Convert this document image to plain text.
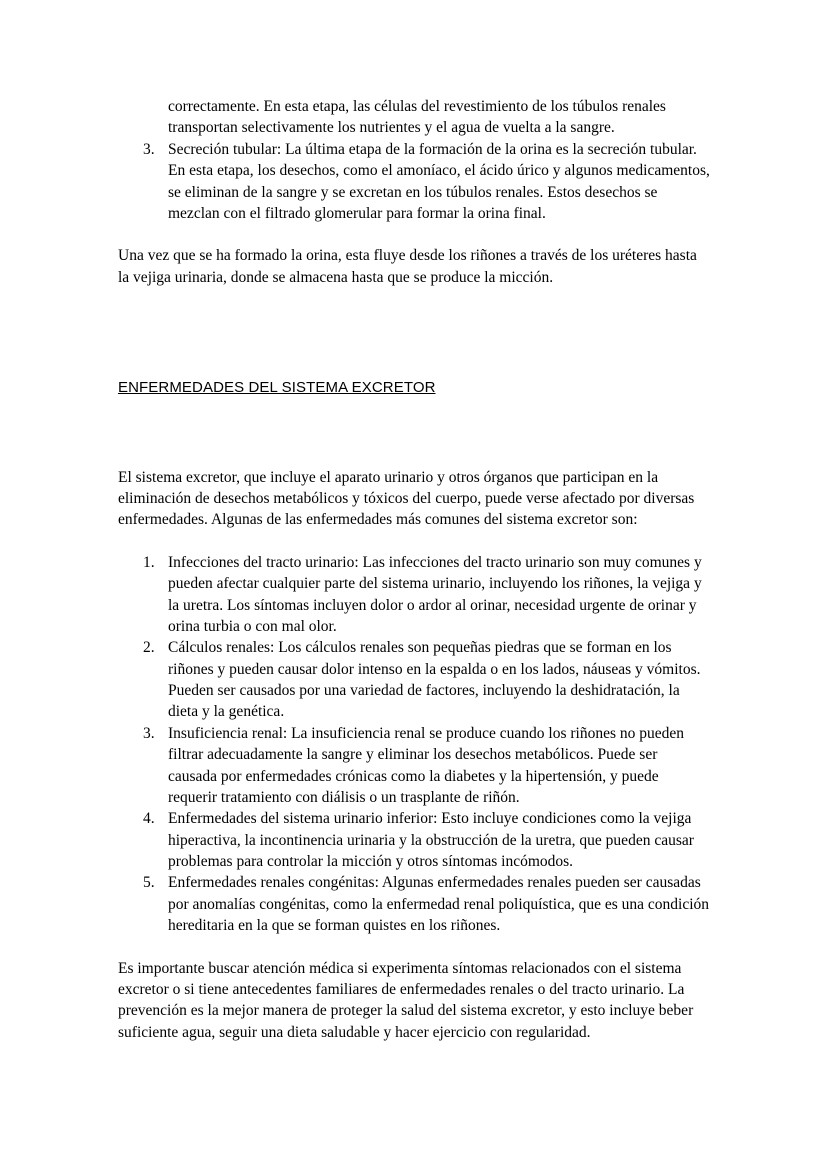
correctamente. En esta etapa, las células del revestimiento de los túbulos renales transportan selectivamente los nutrientes y el agua de vuelta a la sangre.

3. Secreción tubular: La última etapa de la formación de la orina es la secreción tubular. En esta etapa, los desechos, como el amoníaco, el ácido úrico y algunos medicamentos, se eliminan de la sangre y se excretan en los túbulos renales. Estos desechos se mezclan con el filtrado glomerular para formar la orina final.

Una vez que se ha formado la orina, esta fluye desde los riñones a través de los uréteres hasta la vejiga urinaria, donde se almacena hasta que se produce la micción.

ENFERMEDADES DEL SISTEMA EXCRETOR

El sistema excretor, que incluye el aparato urinario y otros órganos que participan en la eliminación de desechos metabólicos y tóxicos del cuerpo, puede verse afectado por diversas enfermedades. Algunas de las enfermedades más comunes del sistema excretor son:

1. Infecciones del tracto urinario: Las infecciones del tracto urinario son muy comunes y pueden afectar cualquier parte del sistema urinario, incluyendo los riñones, la vejiga y la uretra. Los síntomas incluyen dolor o ardor al orinar, necesidad urgente de orinar y orina turbia o con mal olor.
2. Cálculos renales: Los cálculos renales son pequeñas piedras que se forman en los riñones y pueden causar dolor intenso en la espalda o en los lados, náuseas y vómitos. Pueden ser causados por una variedad de factores, incluyendo la deshidratación, la dieta y la genética.
3. Insuficiencia renal: La insuficiencia renal se produce cuando los riñones no pueden filtrar adecuadamente la sangre y eliminar los desechos metabólicos. Puede ser causada por enfermedades crónicas como la diabetes y la hipertensión, y puede requerir tratamiento con diálisis o un trasplante de riñón.
4. Enfermedades del sistema urinario inferior: Esto incluye condiciones como la vejiga hiperactiva, la incontinencia urinaria y la obstrucción de la uretra, que pueden causar problemas para controlar la micción y otros síntomas incómodos.
5. Enfermedades renales congénitas: Algunas enfermedades renales pueden ser causadas por anomalías congénitas, como la enfermedad renal poliquística, que es una condición hereditaria en la que se forman quistes en los riñones.

Es importante buscar atención médica si experimenta síntomas relacionados con el sistema excretor o si tiene antecedentes familiares de enfermedades renales o del tracto urinario. La prevención es la mejor manera de proteger la salud del sistema excretor, y esto incluye beber suficiente agua, seguir una dieta saludable y hacer ejercicio con regularidad.
